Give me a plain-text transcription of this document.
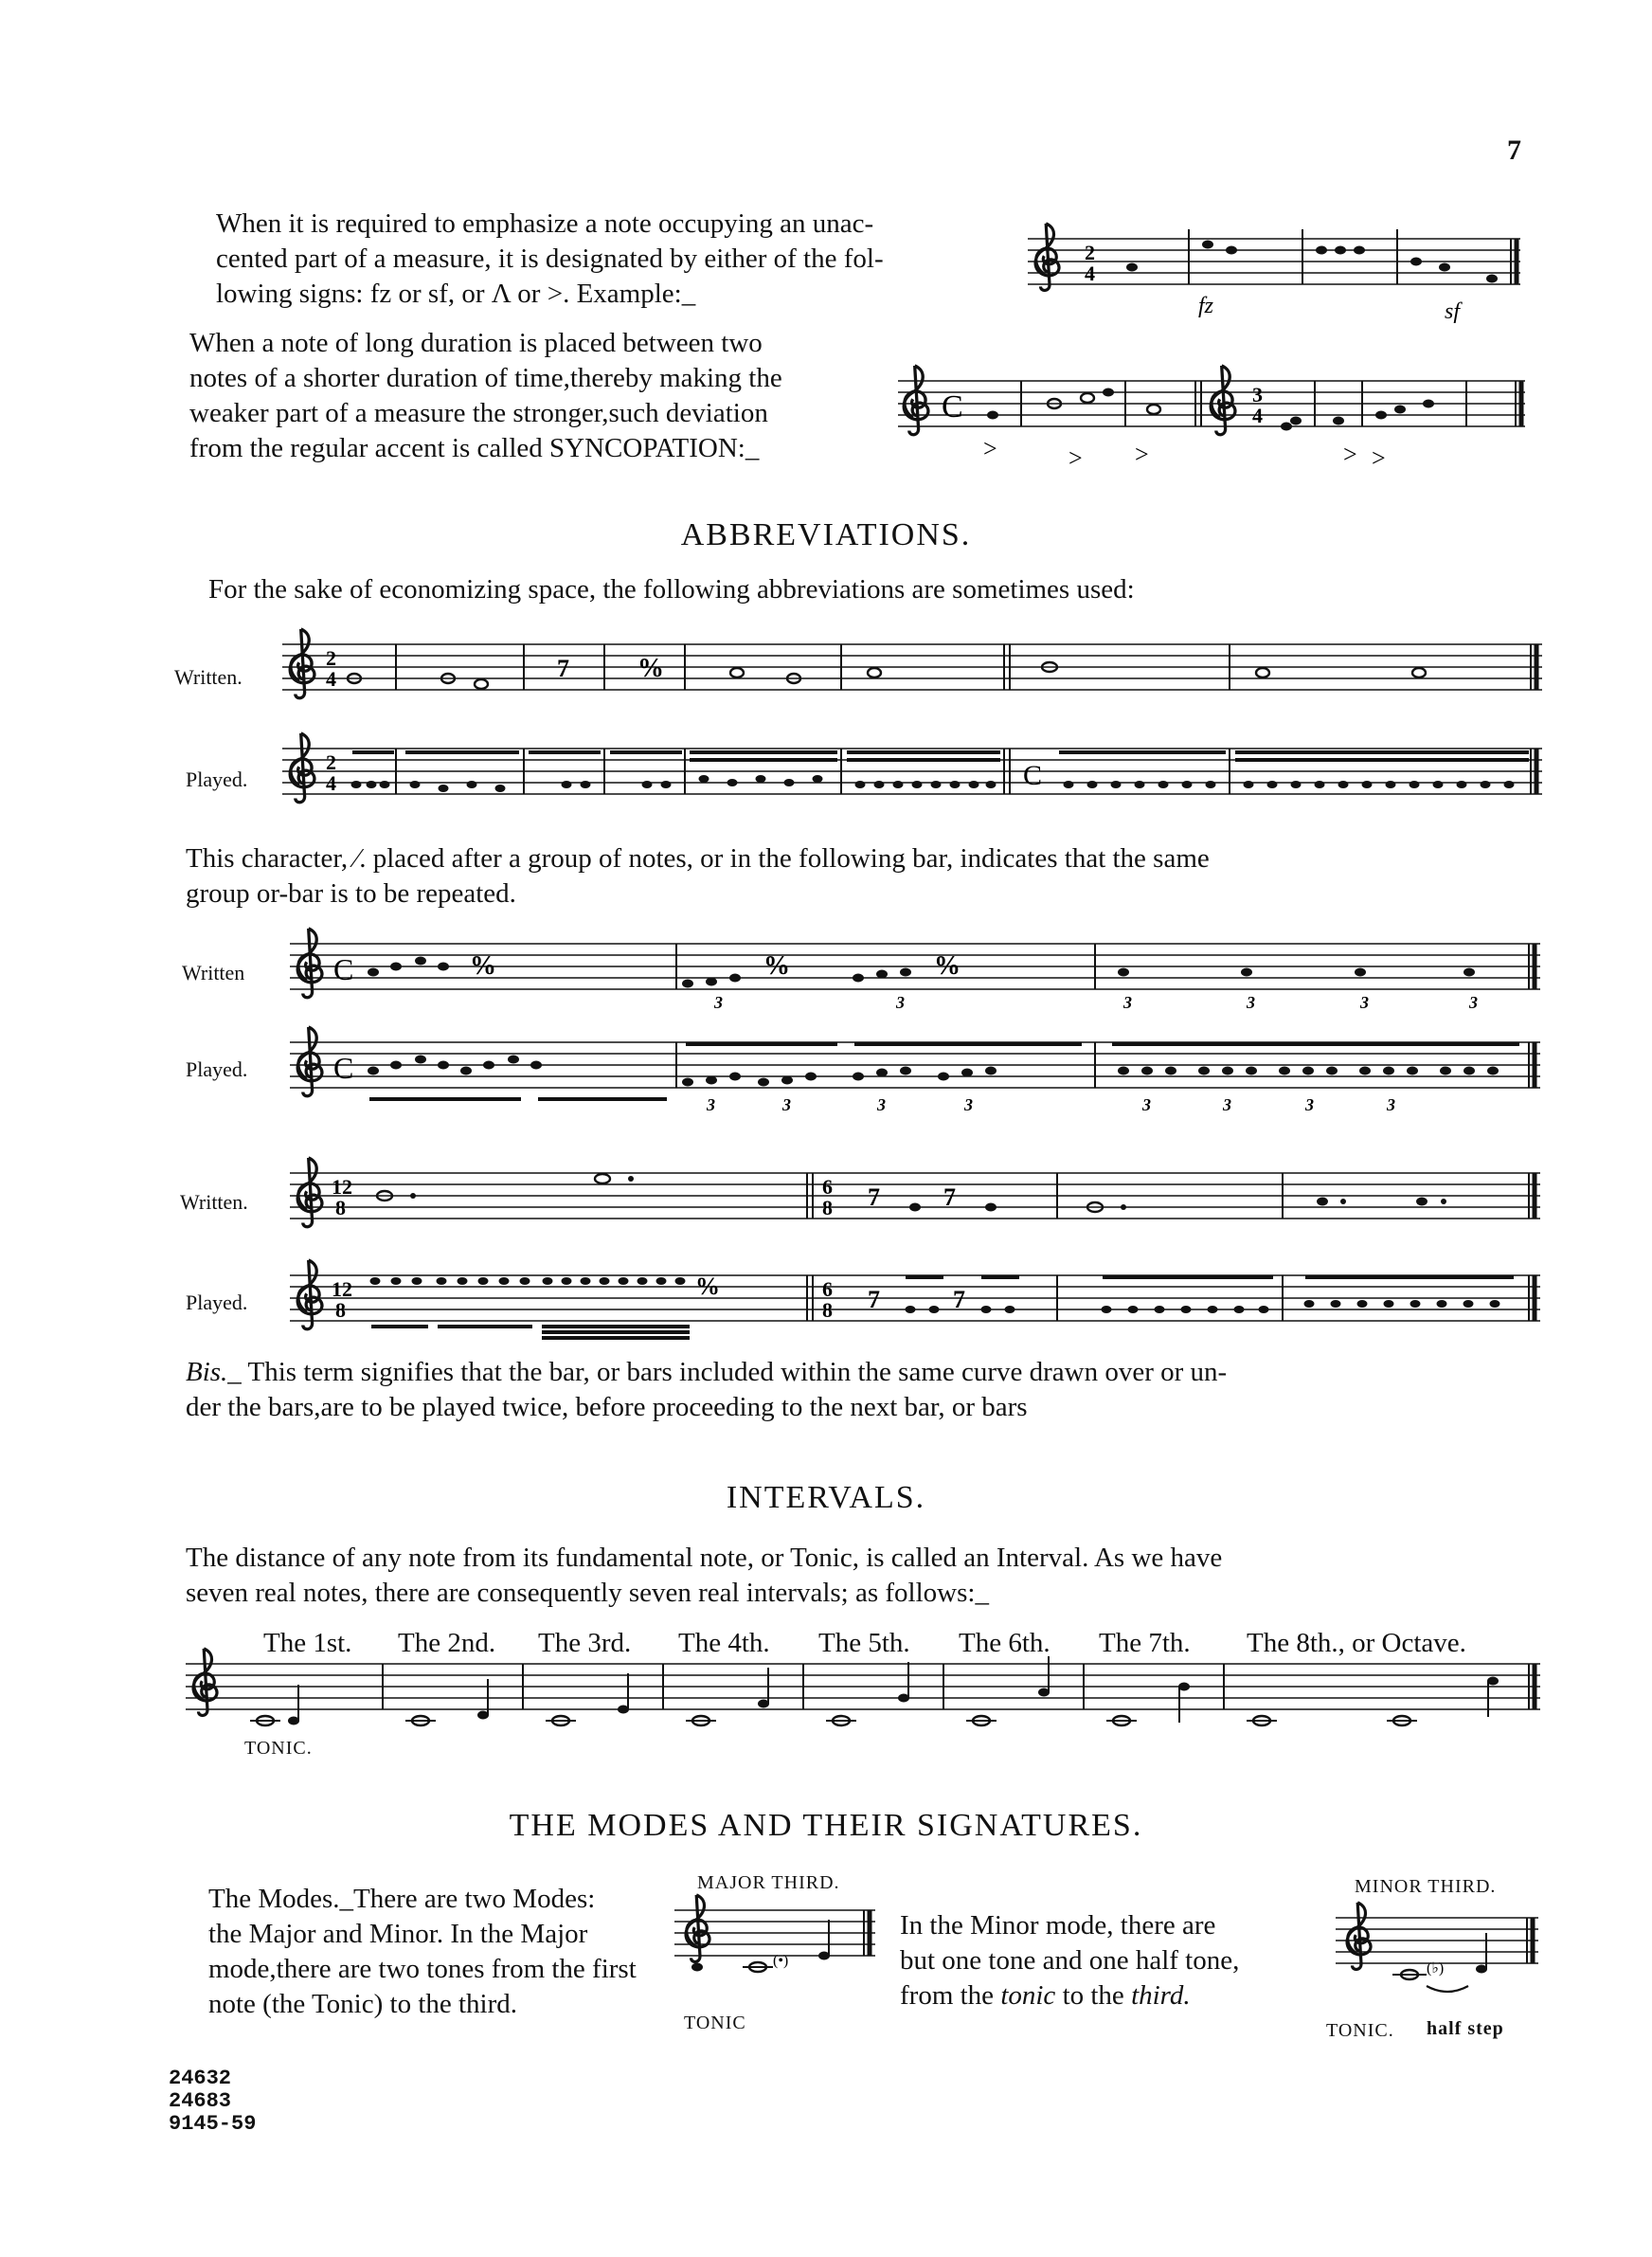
7
When it is required to emphasize a note occupying an unac-
cented part of a measure, it is designated by either of the fol-
lowing signs: fz or sf, or Λ or >. Example:_
2
4
fz	sf
When a note of long duration is placed between two
notes of a shorter duration of time,thereby making the
weaker part of a measure the stronger,such deviation
from the regular accent is called SYNCOPATION:_
C	3
4
>	> >	> >
ABBREVIATIONS.
For the sake of economizing space, the following abbreviations are sometimes used:
Written.
2
4	7	%
Played.
2
4	C
This character, ∕. placed after a group of notes, or in the following bar, indicates that the same
group or-bar is to be repeated.
Written	C	%	%	%
3	3	3	3	3	3
Played.	C
3	3	3	3	3	3	3	3
Written.
12
8
6
8 7	7
Played.
12
8
6
8
%	7	7
Bis._ This term signifies that the bar, or bars included within the same curve drawn over or un-
der the bars,are to be played twice, before proceeding to the next bar, or bars
INTERVALS.
The distance of any note from its fundamental note, or Tonic, is called an Interval. As we have
seven real notes, there are consequently seven real intervals; as follows:_
The 1st. The 2nd. The 3rd. The 4th. The 5th. The 6th. The 7th. The 8th., or Octave.
TONIC.
THE MODES AND THEIR SIGNATURES.
The Modes._There are two Modes:
the Major and Minor. In the Major
mode,there are two tones from the first
note (the Tonic) to the third.
MAJOR THIRD.
(•)
TONIC
In the Minor mode, there are
but one tone and one half tone,
from the tonic to the third.
MINOR THIRD.
(♭)
TONIC. half step
24632
24683
9145-59
